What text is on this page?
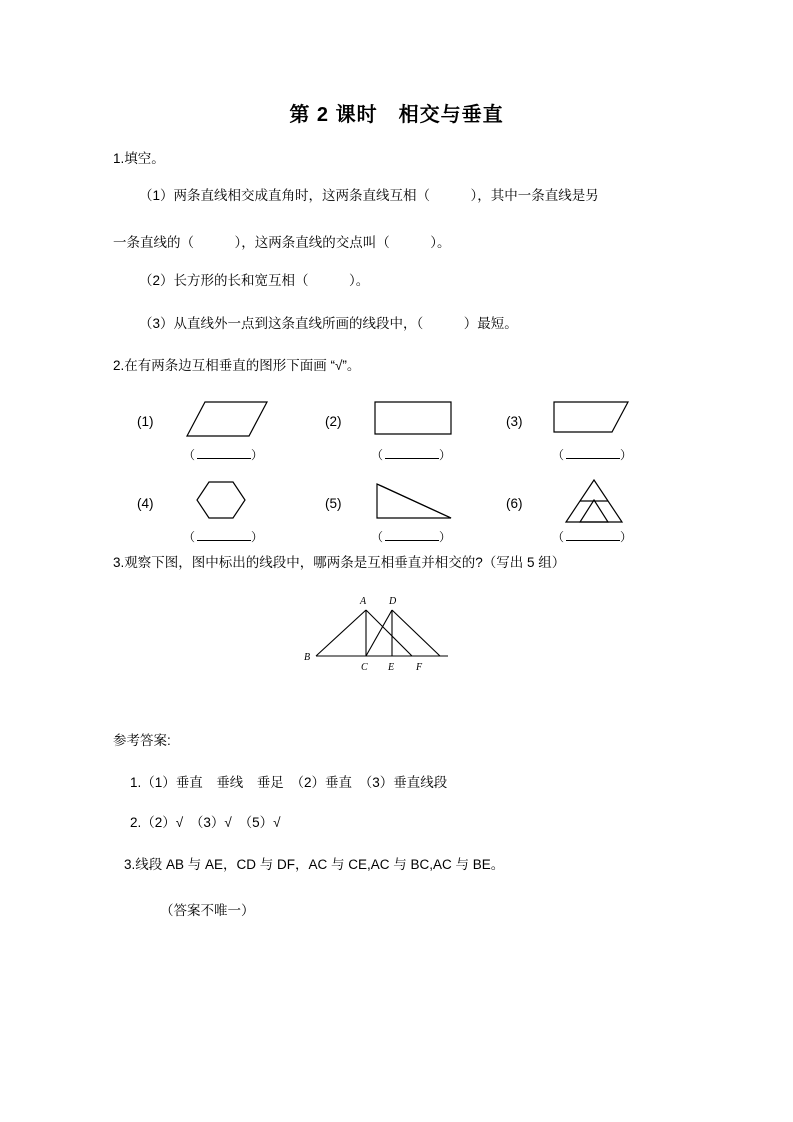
第 2 课时　相交与垂直
1.填空。
（1）两条直线相交成直角时，这两条直线互相（　　　），其中一条直线是另
一条直线的（　　　），这两条直线的交点叫（　　　）。
（2）长方形的长和宽互相（　　　）。
（3）从直线外一点到这条直线所画的线段中，（　　　）最短。
2.在有两条边互相垂直的图形下面画 “√”。
(1)
（	）
(2)
（	）
(3)
（	）
(4)
（	）
(5)
（	）
(6)
（	）
3.观察下图，图中标出的线段中，哪两条是互相垂直并相交的?（写出 5 组）
A D
B
C E F
参考答案:
1.（1）垂直　垂线　垂足　（2）垂直　（3）垂直线段
2.（2）√　（3）√　（5）√
3.线段 AB 与 AE，CD 与 DF，AC 与 CE,AC 与 BC,AC 与 BE。
（答案不唯一）
